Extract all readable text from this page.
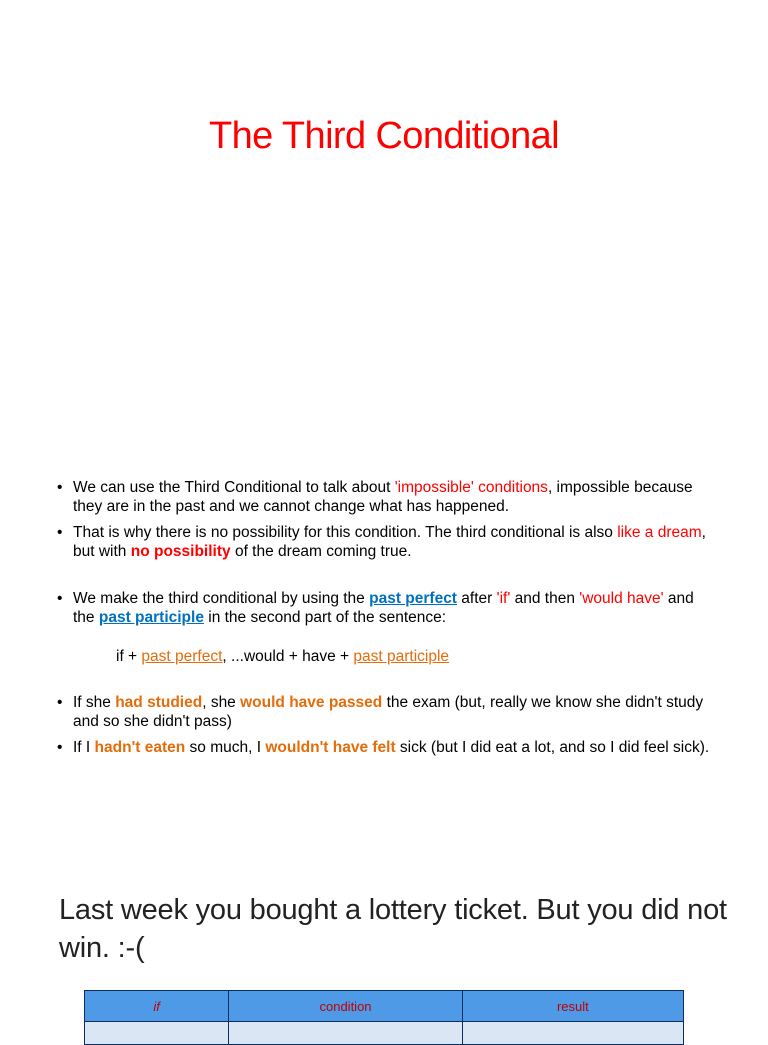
The Third Conditional
• We can use the Third Conditional to talk about 'impossible' conditions, impossible because they are in the past and we cannot change what has happened.
• That is why there is no possibility for this condition. The third conditional is also like a dream, but with no possibility of the dream coming true.
• We make the third conditional by using the past perfect after 'if' and then 'would have' and the past participle in the second part of the sentence:
if + past perfect, ...would + have + past participle
• If she had studied, she would have passed the exam (but, really we know she didn't study and so she didn't pass)
• If I hadn't eaten so much, I wouldn't have felt sick (but I did eat a lot, and so I did feel sick).
Last week you bought a lottery ticket. But you did not win. :-(
if	condition	result
